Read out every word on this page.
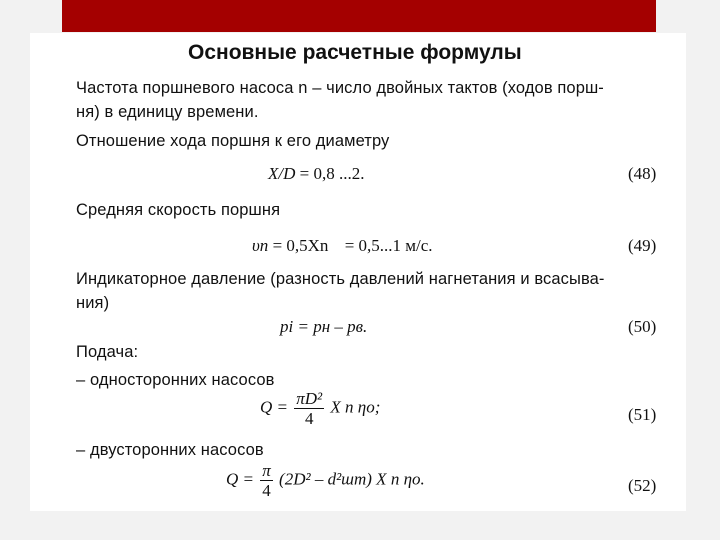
Основные расчетные формулы
Частота поршневого насоса n – число двойных тактов (ходов порш-
ня) в единицу времени.
Отношение хода поршня к его диаметру
X/D = 0,8 ...2.	(48)
Средняя скорость поршня
υп = 0,5Xn = 0,5...1 м/с.	(49)
Индикаторное давление (разность давлений нагнетания и всасыва-
ния)
pi = pн – pв.	(50)
Подача:
– односторонних насосов
$Q = \frac{\text{πD²}}{4}$ X n ηо;	(51)
– двусторонних насосов
$Q = \frac{\pi}{4} (2D^2 - d^2шт)$ X n ηо.	(52)
